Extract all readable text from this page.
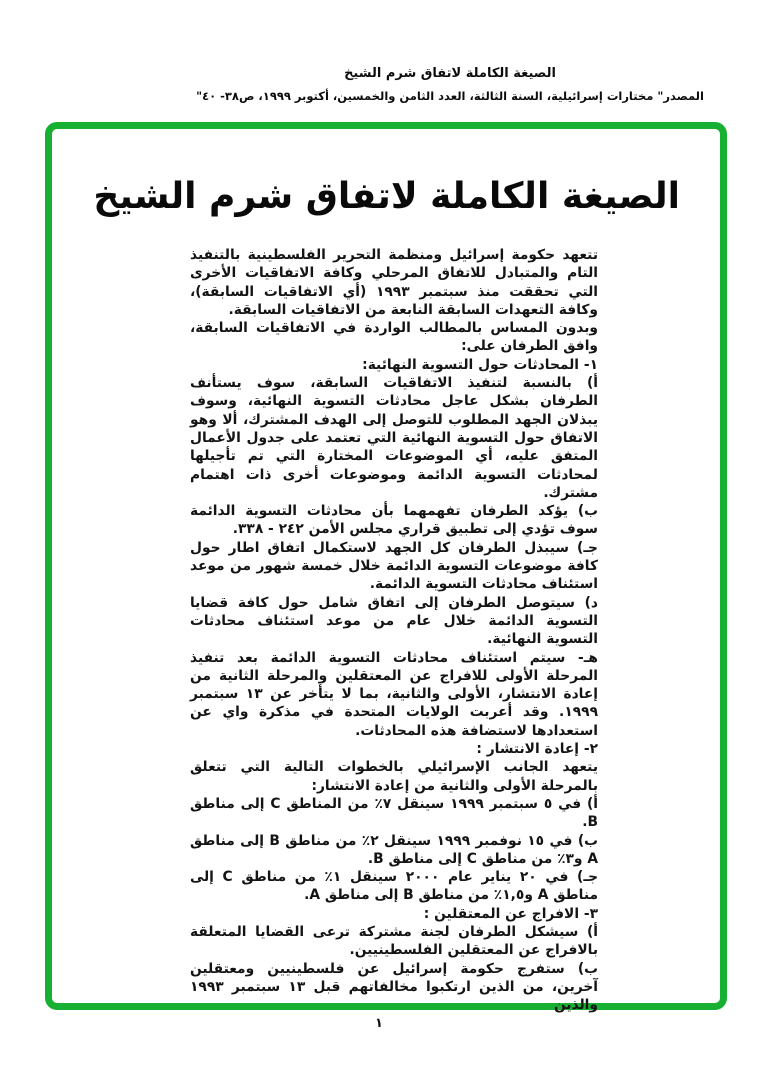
الصيغة الكاملة لاتفاق شرم الشيخ
المصدر" مختارات إسرائيلية، السنة الثالثة، العدد الثامن والخمسين، أكتوبر ١٩٩٩، ص٣٨- ٤٠"
الصيغة الكاملة لاتفاق شرم الشيخ

تتعهد حكومة إسرائيل ومنظمة التحرير الفلسطينية بالتنفيذ التام والمتبادل للاتفاق المرحلي وكافة الاتفاقيات الأخرى التي تحققت منذ سبتمبر ١٩٩٣ (أي الاتفاقيات السابقة)، وكافة التعهدات السابقة النابعة من الاتفاقيات السابقة.

وبدون المساس بالمطالب الواردة في الاتفاقيات السابقة، وافق الطرفان على:

١- المحادثات حول التسوية النهائية:

أ) بالنسبة لتنفيذ الاتفاقيات السابقة، سوف يستأنف الطرفان بشكل عاجل محادثات التسوية النهائية، وسوف يبذلان الجهد المطلوب للتوصل إلى الهدف المشترك، ألا وهو الاتفاق حول التسوية النهائية التي تعتمد على جدول الأعمال المتفق عليه، أي الموضوعات المختارة التي تم تأجيلها لمحادثات التسوية الدائمة وموضوعات أخرى ذات اهتمام مشترك.

ب) يؤكد الطرفان تفهمهما بأن محادثات التسوية الدائمة سوف تؤدي إلى تطبيق قراري مجلس الأمن ٢٤٢ - ٣٣٨.

جـ) سيبذل الطرفان كل الجهد لاستكمال اتفاق اطار حول كافة موضوعات التسوية الدائمة خلال خمسة شهور من موعد استئناف محادثات التسوية الدائمة.

د) سيتوصل الطرفان إلى اتفاق شامل حول كافة قضايا التسوية الدائمة خلال عام من موعد استئناف محادثات التسوية النهائية.

هـ- سيتم استئناف محادثات التسوية الدائمة بعد تنفيذ المرحلة الأولى للافراج عن المعتقلين والمرحلة الثانية من إعادة الانتشار، الأولى والثانية، بما لا يتأخر عن ١٣ سبتمبر ١٩٩٩. وقد أعربت الولايات المتحدة في مذكرة واي عن استعدادها لاستضافة هذه المحادثات.

٢- إعادة الانتشار :

يتعهد الجانب الإسرائيلي بالخطوات التالية التي تتعلق بالمرحلة الأولى والثانية من إعادة الانتشار:

أ) في ٥ سبتمبر ١٩٩٩ سينقل ٧٪ من المناطق C إلى مناطق B.

ب) في ١٥ نوفمبر ١٩٩٩ سينقل ٢٪ من مناطق B إلى مناطق A و٣٪ من مناطق C إلى مناطق B.

جـ) في ٢٠ يناير عام ٢٠٠٠ سينقل ١٪ من مناطق C إلى مناطق A و١,٥٪ من مناطق B إلى مناطق A.

٣- الافراج عن المعتقلين :

أ) سيشكل الطرفان لجنة مشتركة ترعى القضايا المتعلقة بالافراج عن المعتقلين الفلسطينيين.

ب) ستفرج حكومة إسرائيل عن فلسطينيين ومعتقلين آخرين، من الذين ارتكبوا مخالفاتهم قبل ١٣ سبتمبر ١٩٩٣ والذين

١
